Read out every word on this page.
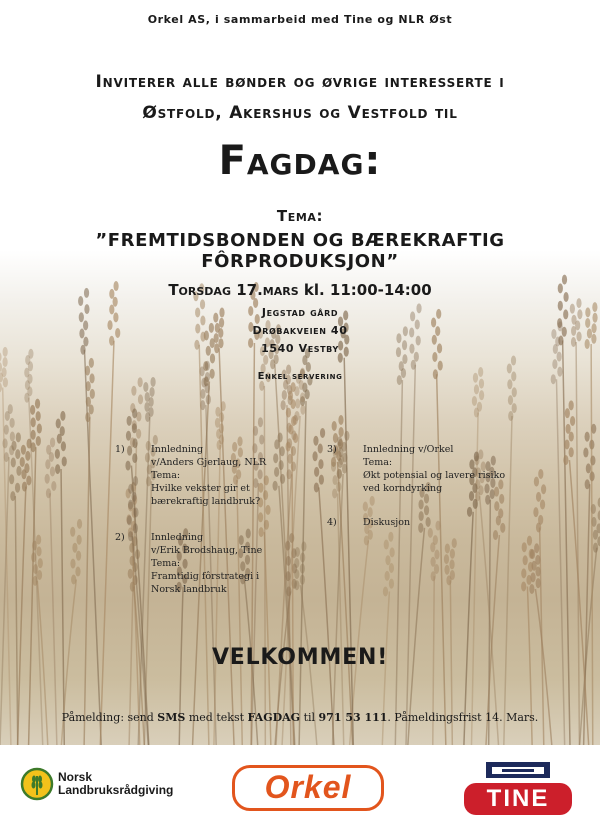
Orkel AS, i sammarbeid med Tine og NLR Øst
Inviterer alle bønder og øvrige interesserte i
Østfold, Akershus og Vestfold til
Fagdag:
Tema:
”FREMTIDSBONDEN OG BÆREKRAFTIG FÔRPRODUKSJON”
Torsdag 17.mars kl. 11:00-14:00
Jegstad gård
Drøbakveien 40
1540 Vestby
Enkel servering
1)	Innledning
v/Anders Gjerlaug, NLR
Tema:
Hvilke vekster gir et
bærekraftig landbruk?
2)	Innledning
v/Erik Brodshaug, Tine
Tema:
Framtidig fôrstrategi i
Norsk landbruk
3)	Innledning v/Orkel
Tema:
Økt potensial og lavere risiko
ved korndyrking
4)	Diskusjon
VELKOMMEN!
Påmelding: send SMS med tekst FAGDAG til 971 53 111. Påmeldingsfrist 14. Mars.
Norsk
Landbruksrådgiving	Orkel	TINE
